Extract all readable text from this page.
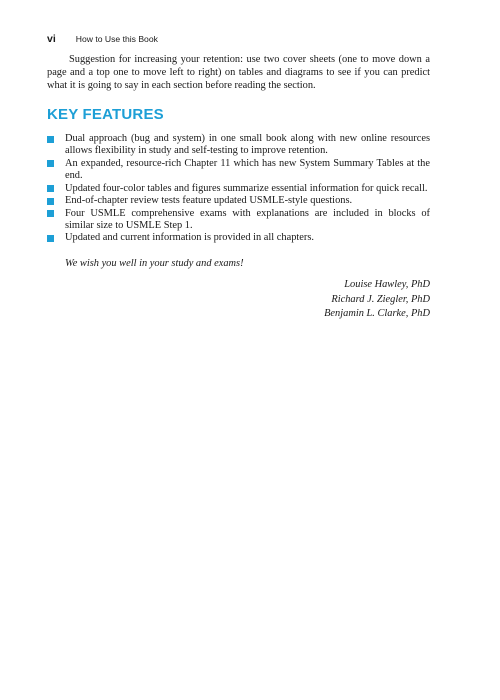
vi How to Use this Book

Suggestion for increasing your retention: use two cover sheets (one to move down a page and a top one to move left to right) on tables and diagrams to see if you can predict what it is going to say in each section before reading the section.

KEY FEATURES
Dual approach (bug and system) in one small book along with new online resources allows flexibility in study and self-testing to improve retention.
An expanded, resource-rich Chapter 11 which has new System Summary Tables at the end.
Updated four-color tables and figures summarize essential information for quick recall.
End-of-chapter review tests feature updated USMLE-style questions.
Four USMLE comprehensive exams with explanations are included in blocks of similar size to USMLE Step 1.
Updated and current information is provided in all chapters.

We wish you well in your study and exams!

Louise Hawley, PhD
Richard J. Ziegler, PhD
Benjamin L. Clarke, PhD
